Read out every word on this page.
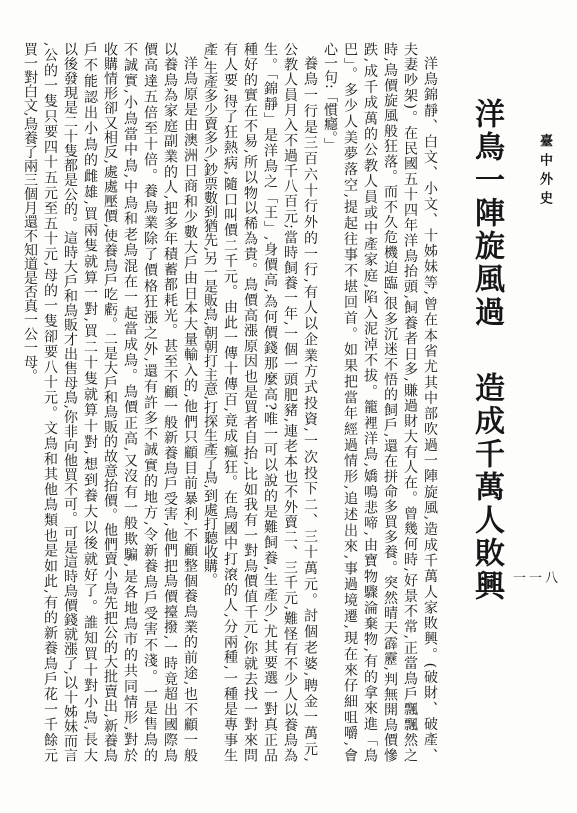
臺中外史
一一八
洋鳥一陣旋風過
造成千萬人敗興
洋鳥錦靜、白文、小文、十姊妹等,曾在本省尤其中部吹過一陣旋風,造成千萬人家敗興。(破財、破產、
夫妻吵架)。在民國五十四年洋鳥抬頭,飼養者日多,賺過財大有人在。曾幾何時,好景不常,正當鳥戶飄飄然之
時,鳥價旋風般狂落。而不久危機迫臨,很多沉迷不悟的飼戶,還在拼命多買多養。突然晴天霹靂,判無開鳥價慘
跌,成千成萬的公教人員或中產家庭,陷入泥淖不拔。籠裡洋鳥,嬌鳴悲啼,由寶物驟淪棄物,有的拿來進「鳥
巴」。多少人美夢落空,提起往事不堪回首。如果把當年經過情形,追述出來,事過境遷,現在來仔細咀嚼,會
心一句:「慣癮。」
養鳥一行是三百六十行外的一行,有人以企業方式投資,一次投下二、三十萬元。討個老婆,聘金一萬元,
公教人員月入不過千八百元;當時飼養一年,一個一頭肥豬,連老本也不外賣二、三千元,難怪有不少人以養鳥為
生。「錦靜」是洋鳥之「王」,身價高,為何價錢那麼高?唯一可以說的是難飼養,生產少,尤其要選一對真正品
種好的實在不易,所以物以稀為貴。鳥價高漲原因也是買者自抬,比如我有一對鳥價值千元,你就去找一對來問
有人要,得了狂熱病,隨口叫價二千元。由此一傳十傳百,竟成瘋狂。在鳥國中打滾的人,分兩種,一種是專事生
產,生產多少賣多少,鈔票數到猶先,另一是販鳥,朝朝打主意,打探生產了鳥,到處打聽收購。
洋鳥原是由澳洲日商和少數大戶由日本大量輸入的,他們只顧目前暴利,不顧整個養鳥業的前途,也不顧一般
以養鳥為家庭副業的人,把多年積蓄都耗光。甚至不顧一般新養鳥戶受害,他們把鳥價擡撥,一時竟超出國際鳥
價高達五倍至十倍。養鳥業除了價格狂漲之外,還有許多不誠實的地方,令新養鳥戶受害不淺。一是售鳥的
不誠實,小鳥當中鳥,中鳥和老鳥混在一起當成鳥。鳥價正高,又沒有一般欺騙,是各地鳥市的共同情形,對於
收購情形卻又相反,處處壓價,使養鳥戶吃虧。二是大戶和鳥販的故意抬價。他們賣小鳥先把公的大批賣出,新養鳥
戶不能認出小鳥的雌雄,買兩隻就算一對,買二十隻就算十對,想到養大以後就好了。誰知買十對小鳥,長大
以後發現是二十隻都是公的。這時大戶和鳥販才出售母鳥,你非向他買不可。可是這時鳥價錢就漲了,以十姊妹而言
,公的一隻只要四十五元至五十元,母的一隻卻要八十元。文鳥和其他鳥類也是如此,有的新養鳥戶花一千餘元
買一對白文,鳥養了兩三個月還不知道是否真一公一母。
